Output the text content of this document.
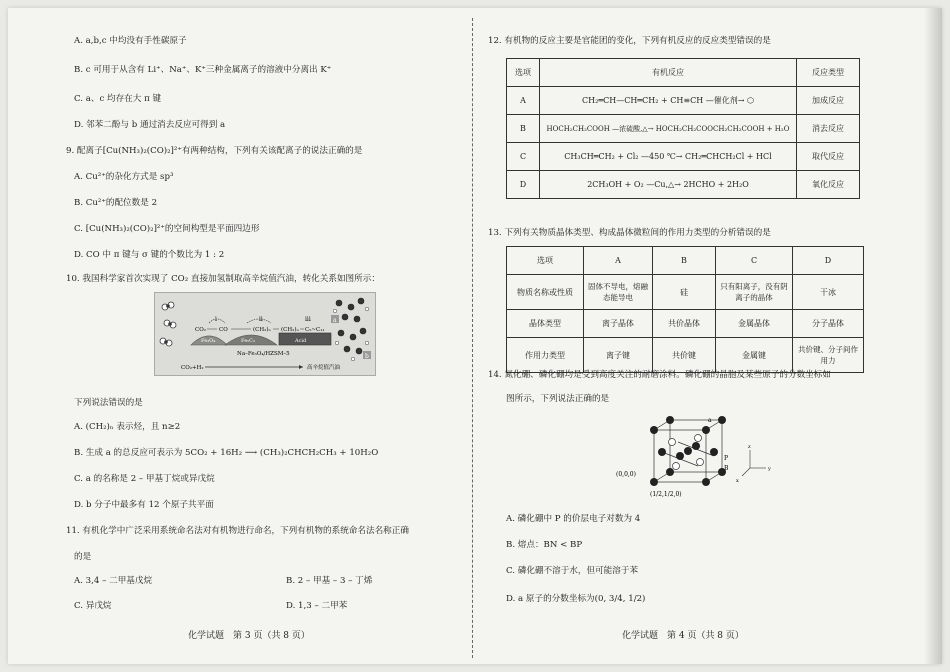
A. a,b,c 中均没有手性碳原子
B. c 可用于从含有 Li⁺、Na⁺、K⁺三种金属离子的溶液中分离出 K⁺
C. a、c 均存在大 π 键
D. 邻苯二酚与 b 通过消去反应可得到 a
9. 配离子[Cu(NH₃)₂(CO)₂]²⁺有两种结构，下列有关该配离子的说法正确的是
A. Cu²⁺的杂化方式是 sp³
B. Cu²⁺的配位数是 2
C. [Cu(NH₃)₂(CO)₂]²⁺的空间构型是平面四边形
D. CO 中 π 键与 σ 键的个数比为 1 : 2
10. 我国科学家首次实现了 CO₂ 直接加氢制取高辛烷值汽油，转化关系如图所示：
Fe₃O₄	Fe₅C₂	Acid
i	ii	iii
CO₂ CO	(CH₂)ₙ (CH₂)ₙ C₅~C₁₁
Na–Fe₃O₄/HZSM–5
CO₂+H₂	高辛烷值汽油
a
b
下列说法错误的是
A. (CH₂)ₙ 表示烃，且 n≥2
B. 生成 a 的总反应可表示为 5CO₂ + 16H₂ ⟶ (CH₃)₂CHCH₂CH₃ + 10H₂O
C. a 的名称是 2 – 甲基丁烷或异戊烷
D. b 分子中最多有 12 个原子共平面
11. 有机化学中广泛采用系统命名法对有机物进行命名，下列有机物的系统命名法名称正确
的是
A. 3,4 – 二甲基戊烷	B. 2 – 甲基 – 3 – 丁烯
C. 异戊烷	D. 1,3 – 二甲苯
化学试题　第 3 页（共 8 页）
12. 有机物的反应主要是官能团的变化，下列有机反应的反应类型错误的是
选项	有机反应	反应类型
A	CH₂═CH—CH═CH₂ + CH≡CH —催化剂→ ⬡	加成反应
B	HOCH₂CH₂COOH —浓硫酸,△→ HOCH₂CH₂COOCH₂CH₂COOH + H₂O	消去反应
C	CH₃CH═CH₂ + Cl₂ —450 ℃→ CH₂═CHCH₂Cl + HCl	取代反应
D	2CH₃OH + O₂ —Cu,△→ 2HCHO + 2H₂O	氧化反应
13. 下列有关物质晶体类型、构成晶体微粒间的作用力类型的分析错误的是
选项	A	B	C	D
物质名称或性质	固体不导电，熔融态能导电	硅	只有阳离子，没有阴离子的晶体	干冰
晶体类型	离子晶体	共价晶体	金属晶体	分子晶体
作用力类型	离子键	共价键	金属键	共价键、分子间作用力
14. 氮化硼、磷化硼均是受到高度关注的耐磨涂料。磷化硼的晶胞及某些原子的分数坐标如
图所示，下列说法正确的是
(0,0,0)
(1/2,1/2,0)
P
B
a
z
y
x
A. 磷化硼中 P 的价层电子对数为 4
B. 熔点：BN < BP
C. 磷化硼不溶于水，但可能溶于苯
D. a 原子的分数坐标为(0, 3/4, 1/2)
化学试题　第 4 页（共 8 页）
